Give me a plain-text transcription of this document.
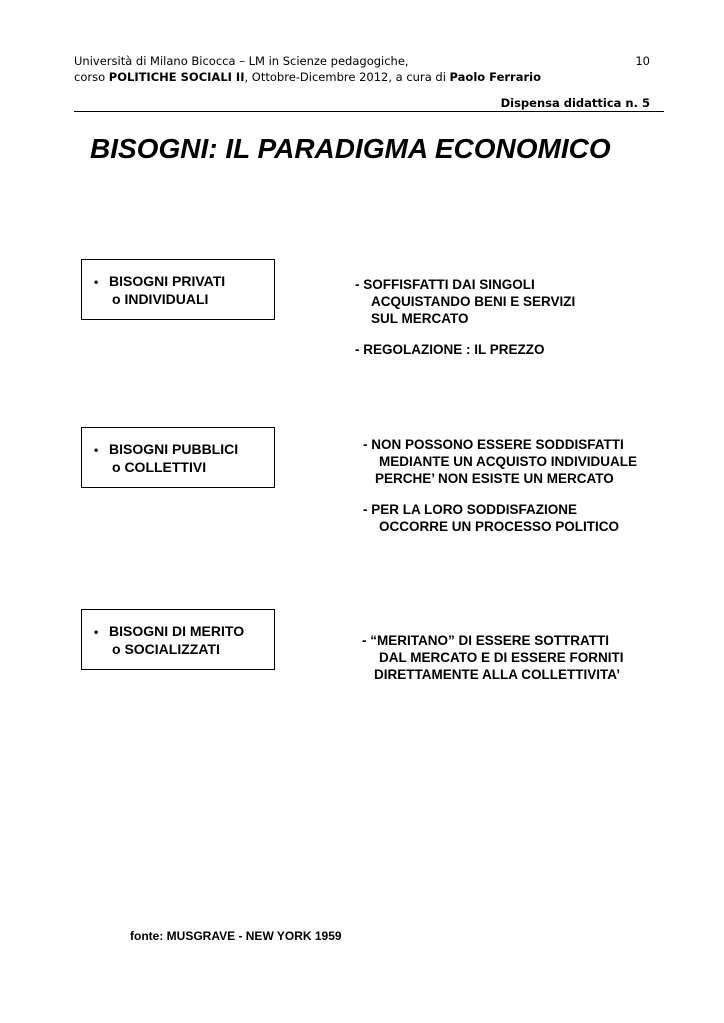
Università di Milano Bicocca – LM in Scienze pedagogiche,
corso POLITICHE SOCIALI II, Ottobre-Dicembre 2012, a cura di Paolo Ferrario
10
Dispensa didattica n. 5
BISOGNI: IL PARADIGMA ECONOMICO
• BISOGNI PRIVATI
o INDIVIDUALI
- SOFFISFATTI DAI SINGOLI
ACQUISTANDO BENI E SERVIZI
SUL MERCATO
- REGOLAZIONE : IL PREZZO
• BISOGNI PUBBLICI
o COLLETTIVI
- NON POSSONO ESSERE SODDISFATTI
MEDIANTE UN ACQUISTO INDIVIDUALE
PERCHE’ NON ESISTE UN MERCATO
- PER LA LORO SODDISFAZIONE
OCCORRE UN PROCESSO POLITICO
• BISOGNI DI MERITO
o SOCIALIZZATI
- “MERITANO” DI ESSERE SOTTRATTI
DAL MERCATO E DI ESSERE FORNITI
DIRETTAMENTE ALLA COLLETTIVITA’
fonte: MUSGRAVE - NEW YORK 1959
